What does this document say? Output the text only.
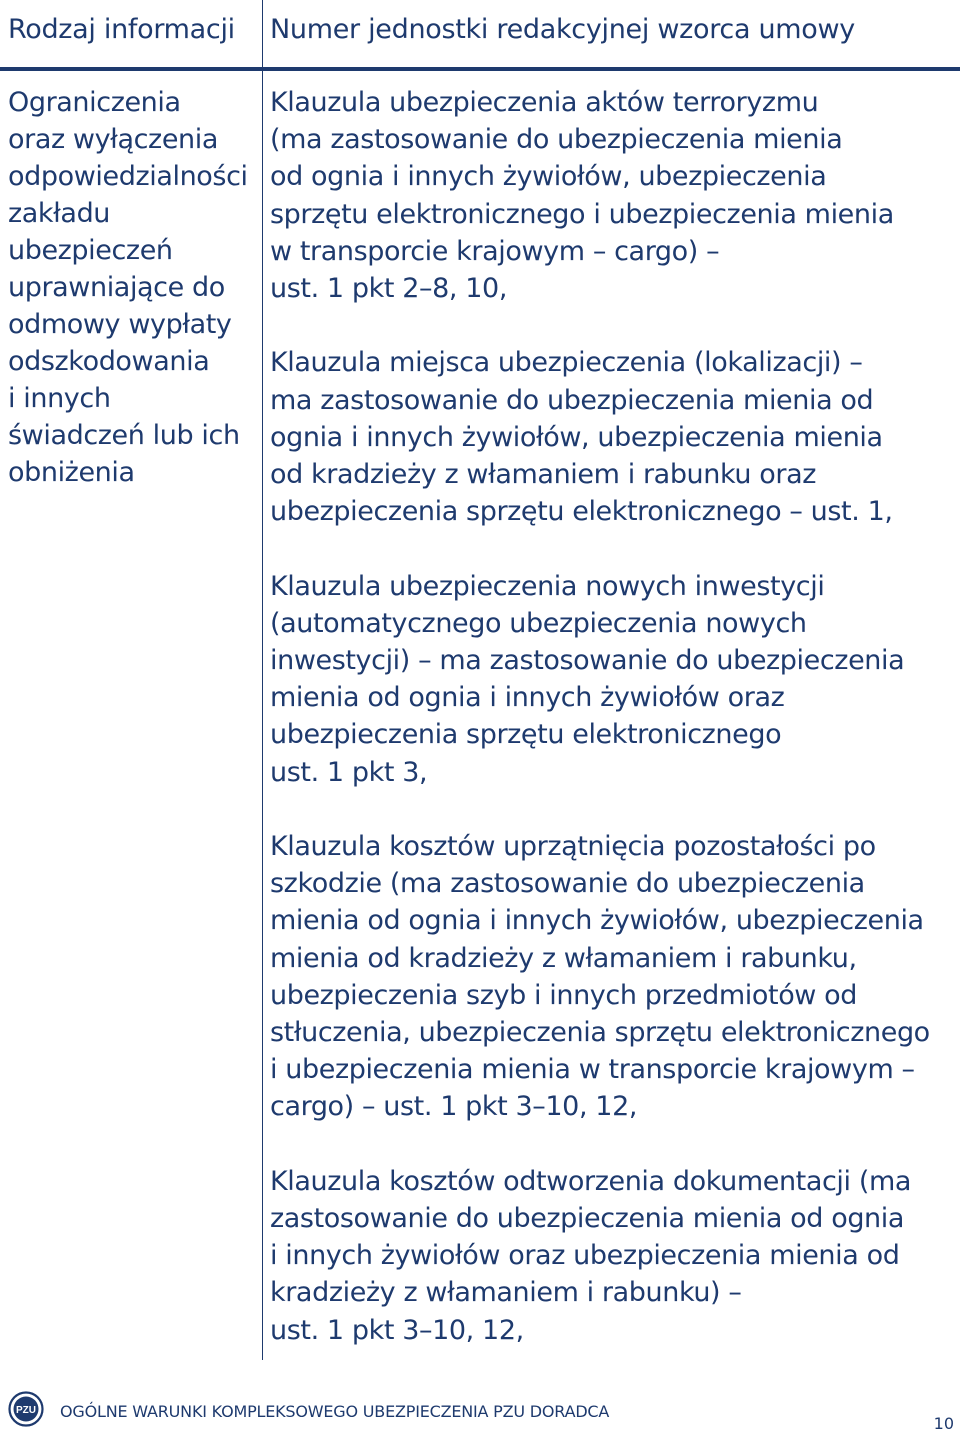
Rodzaj informacji Numer jednostki redakcyjnej wzorca umowy
Ograniczenia
oraz wyłączenia
odpowiedzialności
zakładu
ubezpieczeń
uprawniające do
odmowy wypłaty
odszkodowania
i innych
świadczeń lub ich
obniżenia
Klauzula ubezpieczenia aktów terroryzmu
(ma zastosowanie do ubezpieczenia mienia
od ognia i innych żywiołów, ubezpieczenia
sprzętu elektronicznego i ubezpieczenia mienia
w transporcie krajowym – cargo) –
ust. 1 pkt 2–8, 10,
Klauzula miejsca ubezpieczenia (lokalizacji) –
ma zastosowanie do ubezpieczenia mienia od
ognia i innych żywiołów, ubezpieczenia mienia
od kradzieży z włamaniem i rabunku oraz
ubezpieczenia sprzętu elektronicznego – ust. 1,
Klauzula ubezpieczenia nowych inwestycji
(automatycznego ubezpieczenia nowych
inwestycji) – ma zastosowanie do ubezpieczenia
mienia od ognia i innych żywiołów oraz
ubezpieczenia sprzętu elektronicznego
ust. 1 pkt 3,
Klauzula kosztów uprzątnięcia pozostałości po
szkodzie (ma zastosowanie do ubezpieczenia
mienia od ognia i innych żywiołów, ubezpieczenia
mienia od kradzieży z włamaniem i rabunku,
ubezpieczenia szyb i innych przedmiotów od
stłuczenia, ubezpieczenia sprzętu elektronicznego
i ubezpieczenia mienia w transporcie krajowym –
cargo) – ust. 1 pkt 3–10, 12,
Klauzula kosztów odtworzenia dokumentacji (ma
zastosowanie do ubezpieczenia mienia od ognia
i innych żywiołów oraz ubezpieczenia mienia od
kradzieży z włamaniem i rabunku) –
ust. 1 pkt 3–10, 12,
PZU OGÓLNE WARUNKI KOMPLEKSOWEGO UBEZPIECZENIA PZU DORADCA
10
